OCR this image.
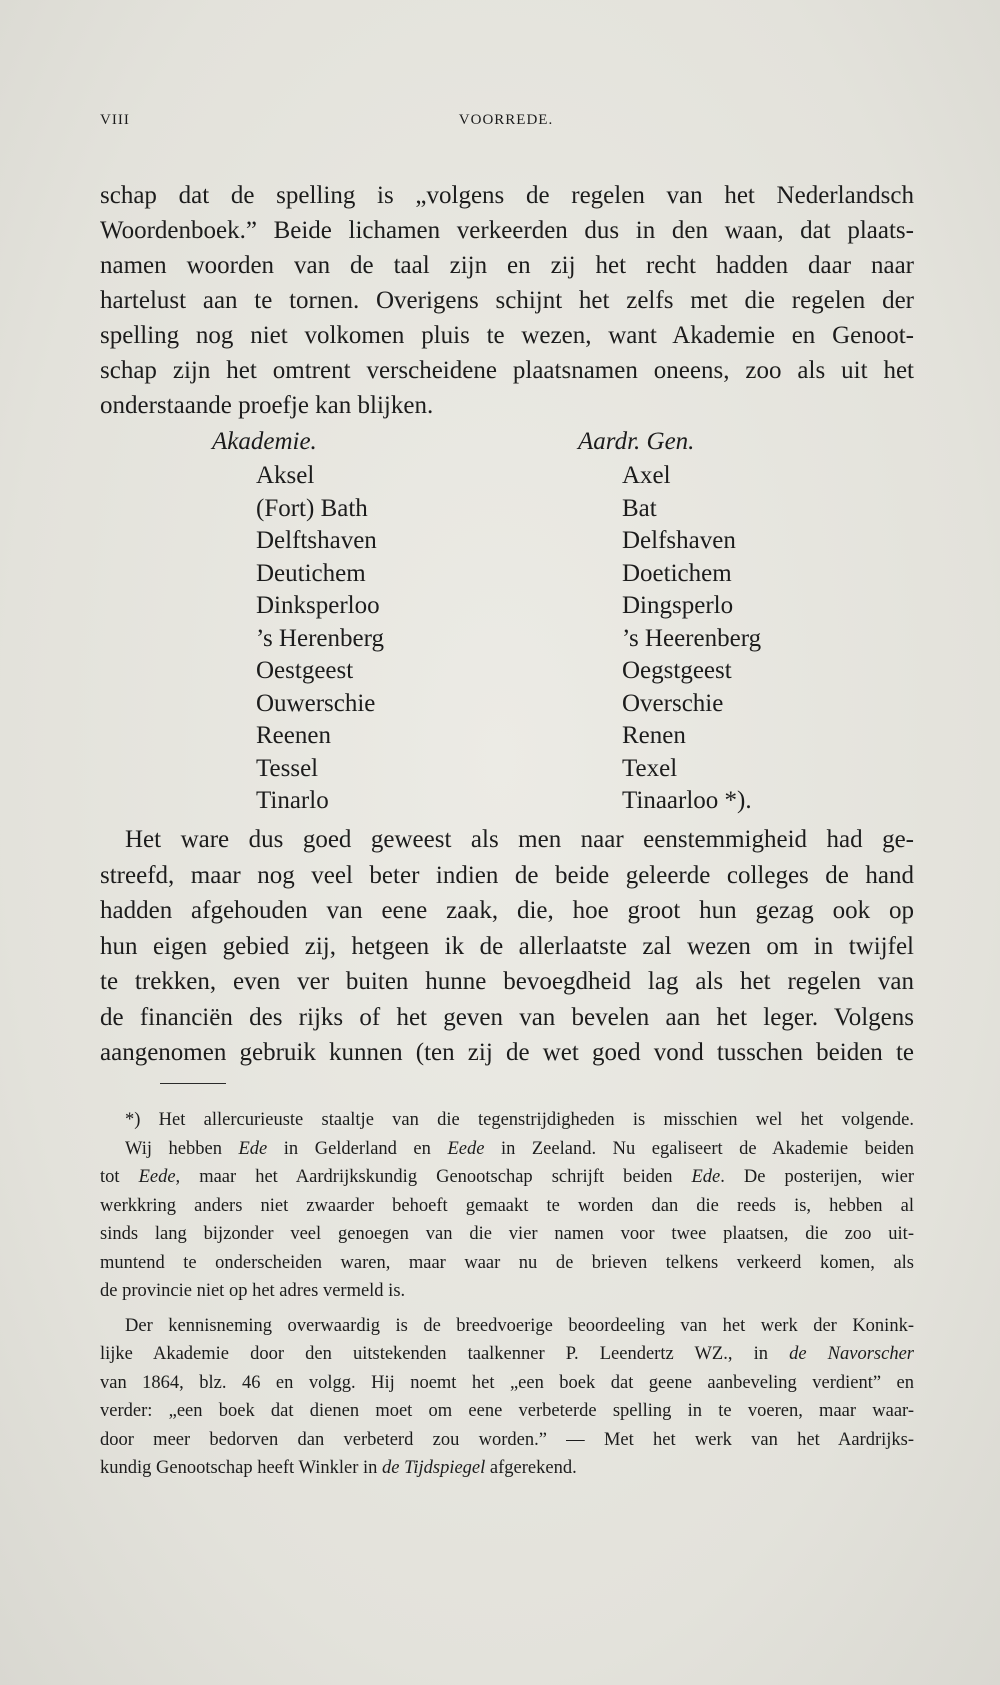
VIII	VOORREDE.
schap dat de spelling is „volgens de regelen van het Nederlandsch
Woordenboek.” Beide lichamen verkeerden dus in den waan, dat plaats-
namen woorden van de taal zijn en zij het recht hadden daar naar
hartelust aan te tornen. Overigens schijnt het zelfs met die regelen der
spelling nog niet volkomen pluis te wezen, want Akademie en Genoot-
schap zijn het omtrent verscheidene plaatsnamen oneens, zoo als uit het
onderstaande proefje kan blijken.
Akademie.	Aardr. Gen.
Aksel
(Fort) Bath
Delftshaven
Deutichem
Dinksperloo
’s Herenberg
Oestgeest
Ouwerschie
Reenen
Tessel
Tinarlo
Axel
Bat
Delfshaven
Doetichem
Dingsperlo
’s Heerenberg
Oegstgeest
Overschie
Renen
Texel
Tinaarloo *).
Het ware dus goed geweest als men naar eenstemmigheid had ge-
streefd, maar nog veel beter indien de beide geleerde colleges de hand
hadden afgehouden van eene zaak, die, hoe groot hun gezag ook op
hun eigen gebied zij, hetgeen ik de allerlaatste zal wezen om in twijfel
te trekken, even ver buiten hunne bevoegdheid lag als het regelen van
de financiën des rijks of het geven van bevelen aan het leger. Volgens
aangenomen gebruik kunnen (ten zij de wet goed vond tusschen beiden te
*) Het allercurieuste staaltje van die tegenstrijdigheden is misschien wel het volgende.
Wij hebben Ede in Gelderland en Eede in Zeeland. Nu egaliseert de Akademie beiden
tot Eede, maar het Aardrijkskundig Genootschap schrijft beiden Ede. De posterijen, wier
werkkring anders niet zwaarder behoeft gemaakt te worden dan die reeds is, hebben al
sinds lang bijzonder veel genoegen van die vier namen voor twee plaatsen, die zoo uit-
muntend te onderscheiden waren, maar waar nu de brieven telkens verkeerd komen, als
de provincie niet op het adres vermeld is.
Der kennisneming overwaardig is de breedvoerige beoordeeling van het werk der Konink-
lijke Akademie door den uitstekenden taalkenner P. Leendertz WZ., in de Navorscher
van 1864, blz. 46 en volgg. Hij noemt het „een boek dat geene aanbeveling verdient” en
verder: „een boek dat dienen moet om eene verbeterde spelling in te voeren, maar waar-
door meer bedorven dan verbeterd zou worden.” — Met het werk van het Aardrijks-
kundig Genootschap heeft Winkler in de Tijdspiegel afgerekend.
